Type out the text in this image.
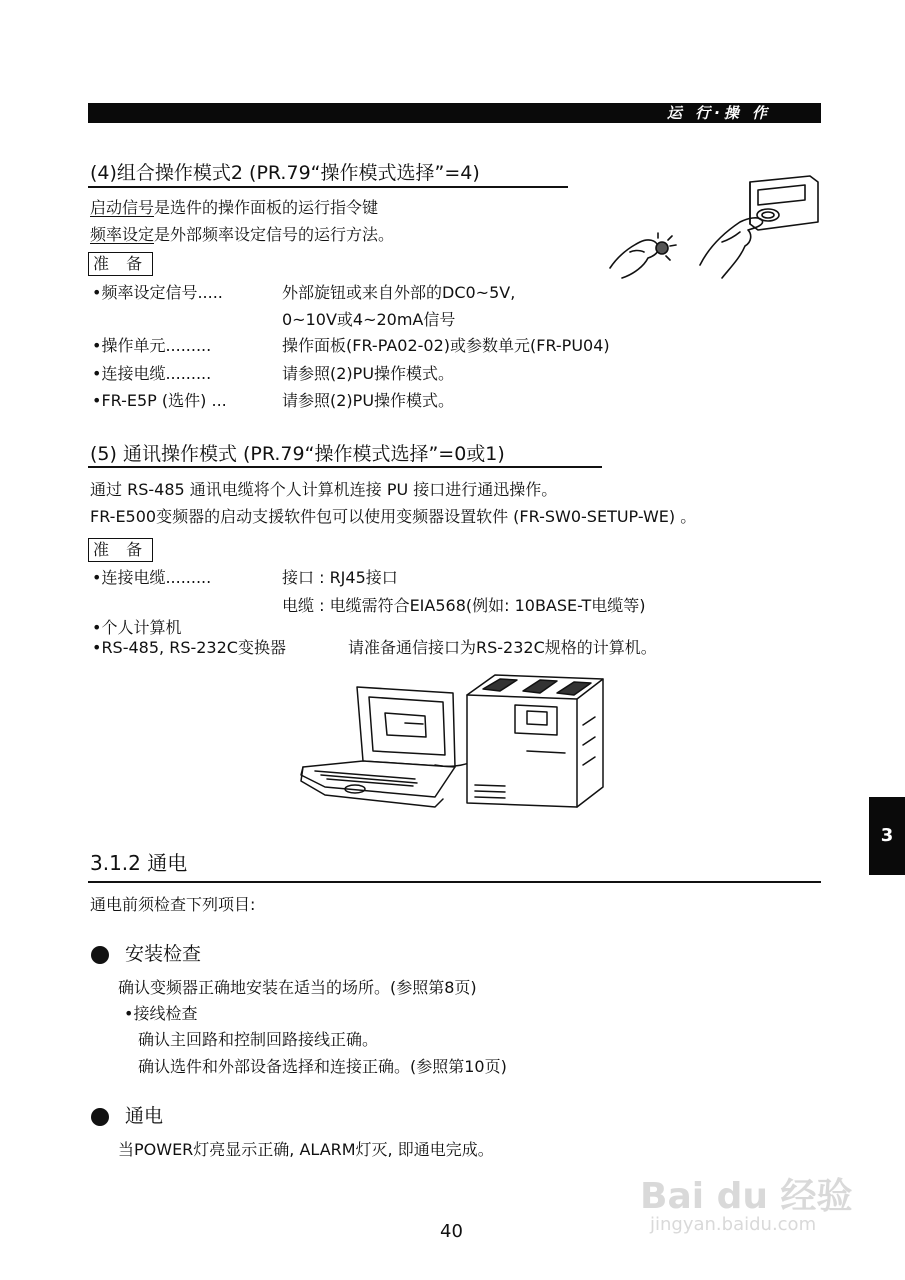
运 行·操 作
(4)组合操作模式2 (PR.79“操作模式选择”=4)
启动信号是选件的操作面板的运行指令键
频率设定是外部频率设定信号的运行方法。
准 备
•频率设定信号.....	外部旋钮或来自外部的DC0~5V,
0~10V或4~20mA信号
•操作单元.........	操作面板(FR-PA02-02)或参数单元(FR-PU04)
•连接电缆.........	请参照(2)PU操作模式。
•FR-E5P (选件) ...	请参照(2)PU操作模式。
(5) 通讯操作模式 (PR.79“操作模式选择”=0或1)
通过 RS-485 通讯电缆将个人计算机连接 PU 接口进行通迅操作。
FR-E500变频器的启动支援软件包可以使用变频器设置软件 (FR-SW0-SETUP-WE) 。
准 备
•连接电缆.........	接口 : RJ45接口
电缆 : 电缆需符合EIA568(例如: 10BASE-T电缆等)
•个人计算机
•RS-485, RS-232C变换器	请准备通信接口为RS-232C规格的计算机。
3.1.2 通电
通电前须检查下列项目:
安装检查
确认变频器正确地安装在适当的场所。(参照第8页)
•接线检查
确认主回路和控制回路接线正确。
确认选件和外部设备选择和连接正确。(参照第10页)
通电
当POWER灯亮显示正确, ALARM灯灭, 即通电完成。
3
40
Bai du 经验
jingyan.baidu.com
